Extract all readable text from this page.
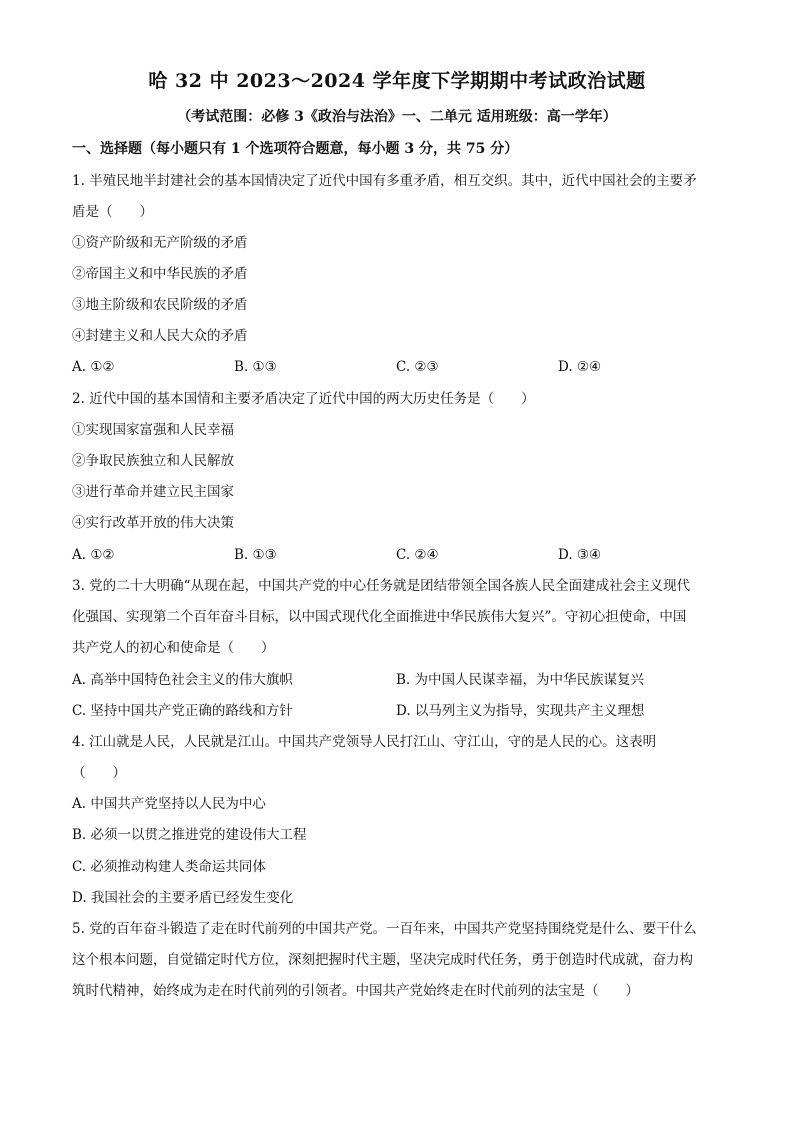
哈 32 中 2023～2024 学年度下学期期中考试政治试题
（考试范围：必修 3《政治与法治》一、二单元 适用班级：高一学年）
一、选择题（每小题只有 1 个选项符合题意，每小题 3 分，共 75 分）
1. 半殖民地半封建社会的基本国情决定了近代中国有多重矛盾，相互交织。其中，近代中国社会的主要矛
盾是（　　）
①资产阶级和无产阶级的矛盾
②帝国主义和中华民族的矛盾
③地主阶级和农民阶级的矛盾
④封建主义和人民大众的矛盾
A. ①②	B. ①③	C. ②③	D. ②④
2. 近代中国的基本国情和主要矛盾决定了近代中国的两大历史任务是（　　）
①实现国家富强和人民幸福
②争取民族独立和人民解放
③进行革命并建立民主国家
④实行改革开放的伟大决策
A. ①②	B. ①③	C. ②④	D. ③④
3. 党的二十大明确“从现在起，中国共产党的中心任务就是团结带领全国各族人民全面建成社会主义现代
化强国、实现第二个百年奋斗目标，以中国式现代化全面推进中华民族伟大复兴”。守初心担使命，中国
共产党人的初心和使命是（　　）
A. 高举中国特色社会主义的伟大旗帜	B. 为中国人民谋幸福，为中华民族谋复兴
C. 坚持中国共产党正确的路线和方针	D. 以马列主义为指导，实现共产主义理想
4. 江山就是人民，人民就是江山。中国共产党领导人民打江山、守江山，守的是人民的心。这表明
（　　）
A. 中国共产党坚持以人民为中心
B. 必须一以贯之推进党的建设伟大工程
C. 必须推动构建人类命运共同体
D. 我国社会的主要矛盾已经发生变化
5. 党的百年奋斗锻造了走在时代前列的中国共产党。一百年来，中国共产党坚持围绕党是什么、要干什么
这个根本问题，自觉锚定时代方位，深刻把握时代主题，坚决完成时代任务，勇于创造时代成就，奋力构
筑时代精神，始终成为走在时代前列的引领者。中国共产党始终走在时代前列的法宝是（　　）
